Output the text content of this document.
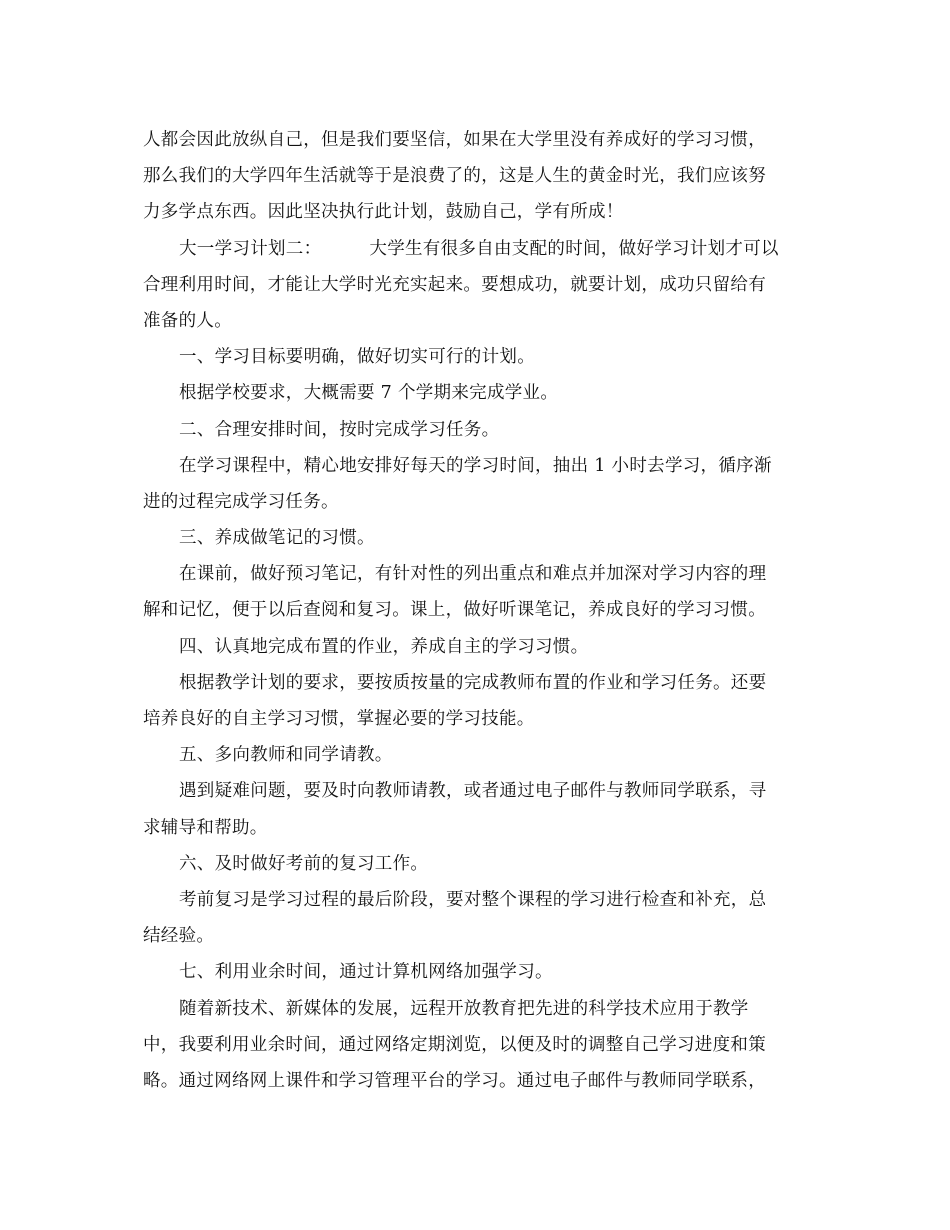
人都会因此放纵自己，但是我们要坚信，如果在大学里没有养成好的学习习惯，
那么我们的大学四年生活就等于是浪费了的，这是人生的黄金时光，我们应该努
力多学点东西。因此坚决执行此计划，鼓励自己，学有所成！
大一学习计划二：	大学生有很多自由支配的时间，做好学习计划才可以
合理利用时间，才能让大学时光充实起来。要想成功，就要计划，成功只留给有
准备的人。
一、学习目标要明确，做好切实可行的计划。
根据学校要求，大概需要 7 个学期来完成学业。
二、合理安排时间，按时完成学习任务。
在学习课程中，精心地安排好每天的学习时间，抽出 1 小时去学习，循序渐
进的过程完成学习任务。
三、养成做笔记的习惯。
在课前，做好预习笔记，有针对性的列出重点和难点并加深对学习内容的理
解和记忆，便于以后查阅和复习。课上，做好听课笔记，养成良好的学习习惯。
四、认真地完成布置的作业，养成自主的学习习惯。
根据教学计划的要求，要按质按量的完成教师布置的作业和学习任务。还要
培养良好的自主学习习惯，掌握必要的学习技能。
五、多向教师和同学请教。
遇到疑难问题，要及时向教师请教，或者通过电子邮件与教师同学联系，寻
求辅导和帮助。
六、及时做好考前的复习工作。
考前复习是学习过程的最后阶段，要对整个课程的学习进行检查和补充，总
结经验。
七、利用业余时间，通过计算机网络加强学习。
随着新技术、新媒体的发展，远程开放教育把先进的科学技术应用于教学
中，我要利用业余时间，通过网络定期浏览，以便及时的调整自己学习进度和策
略。通过网络网上课件和学习管理平台的学习。通过电子邮件与教师同学联系，
